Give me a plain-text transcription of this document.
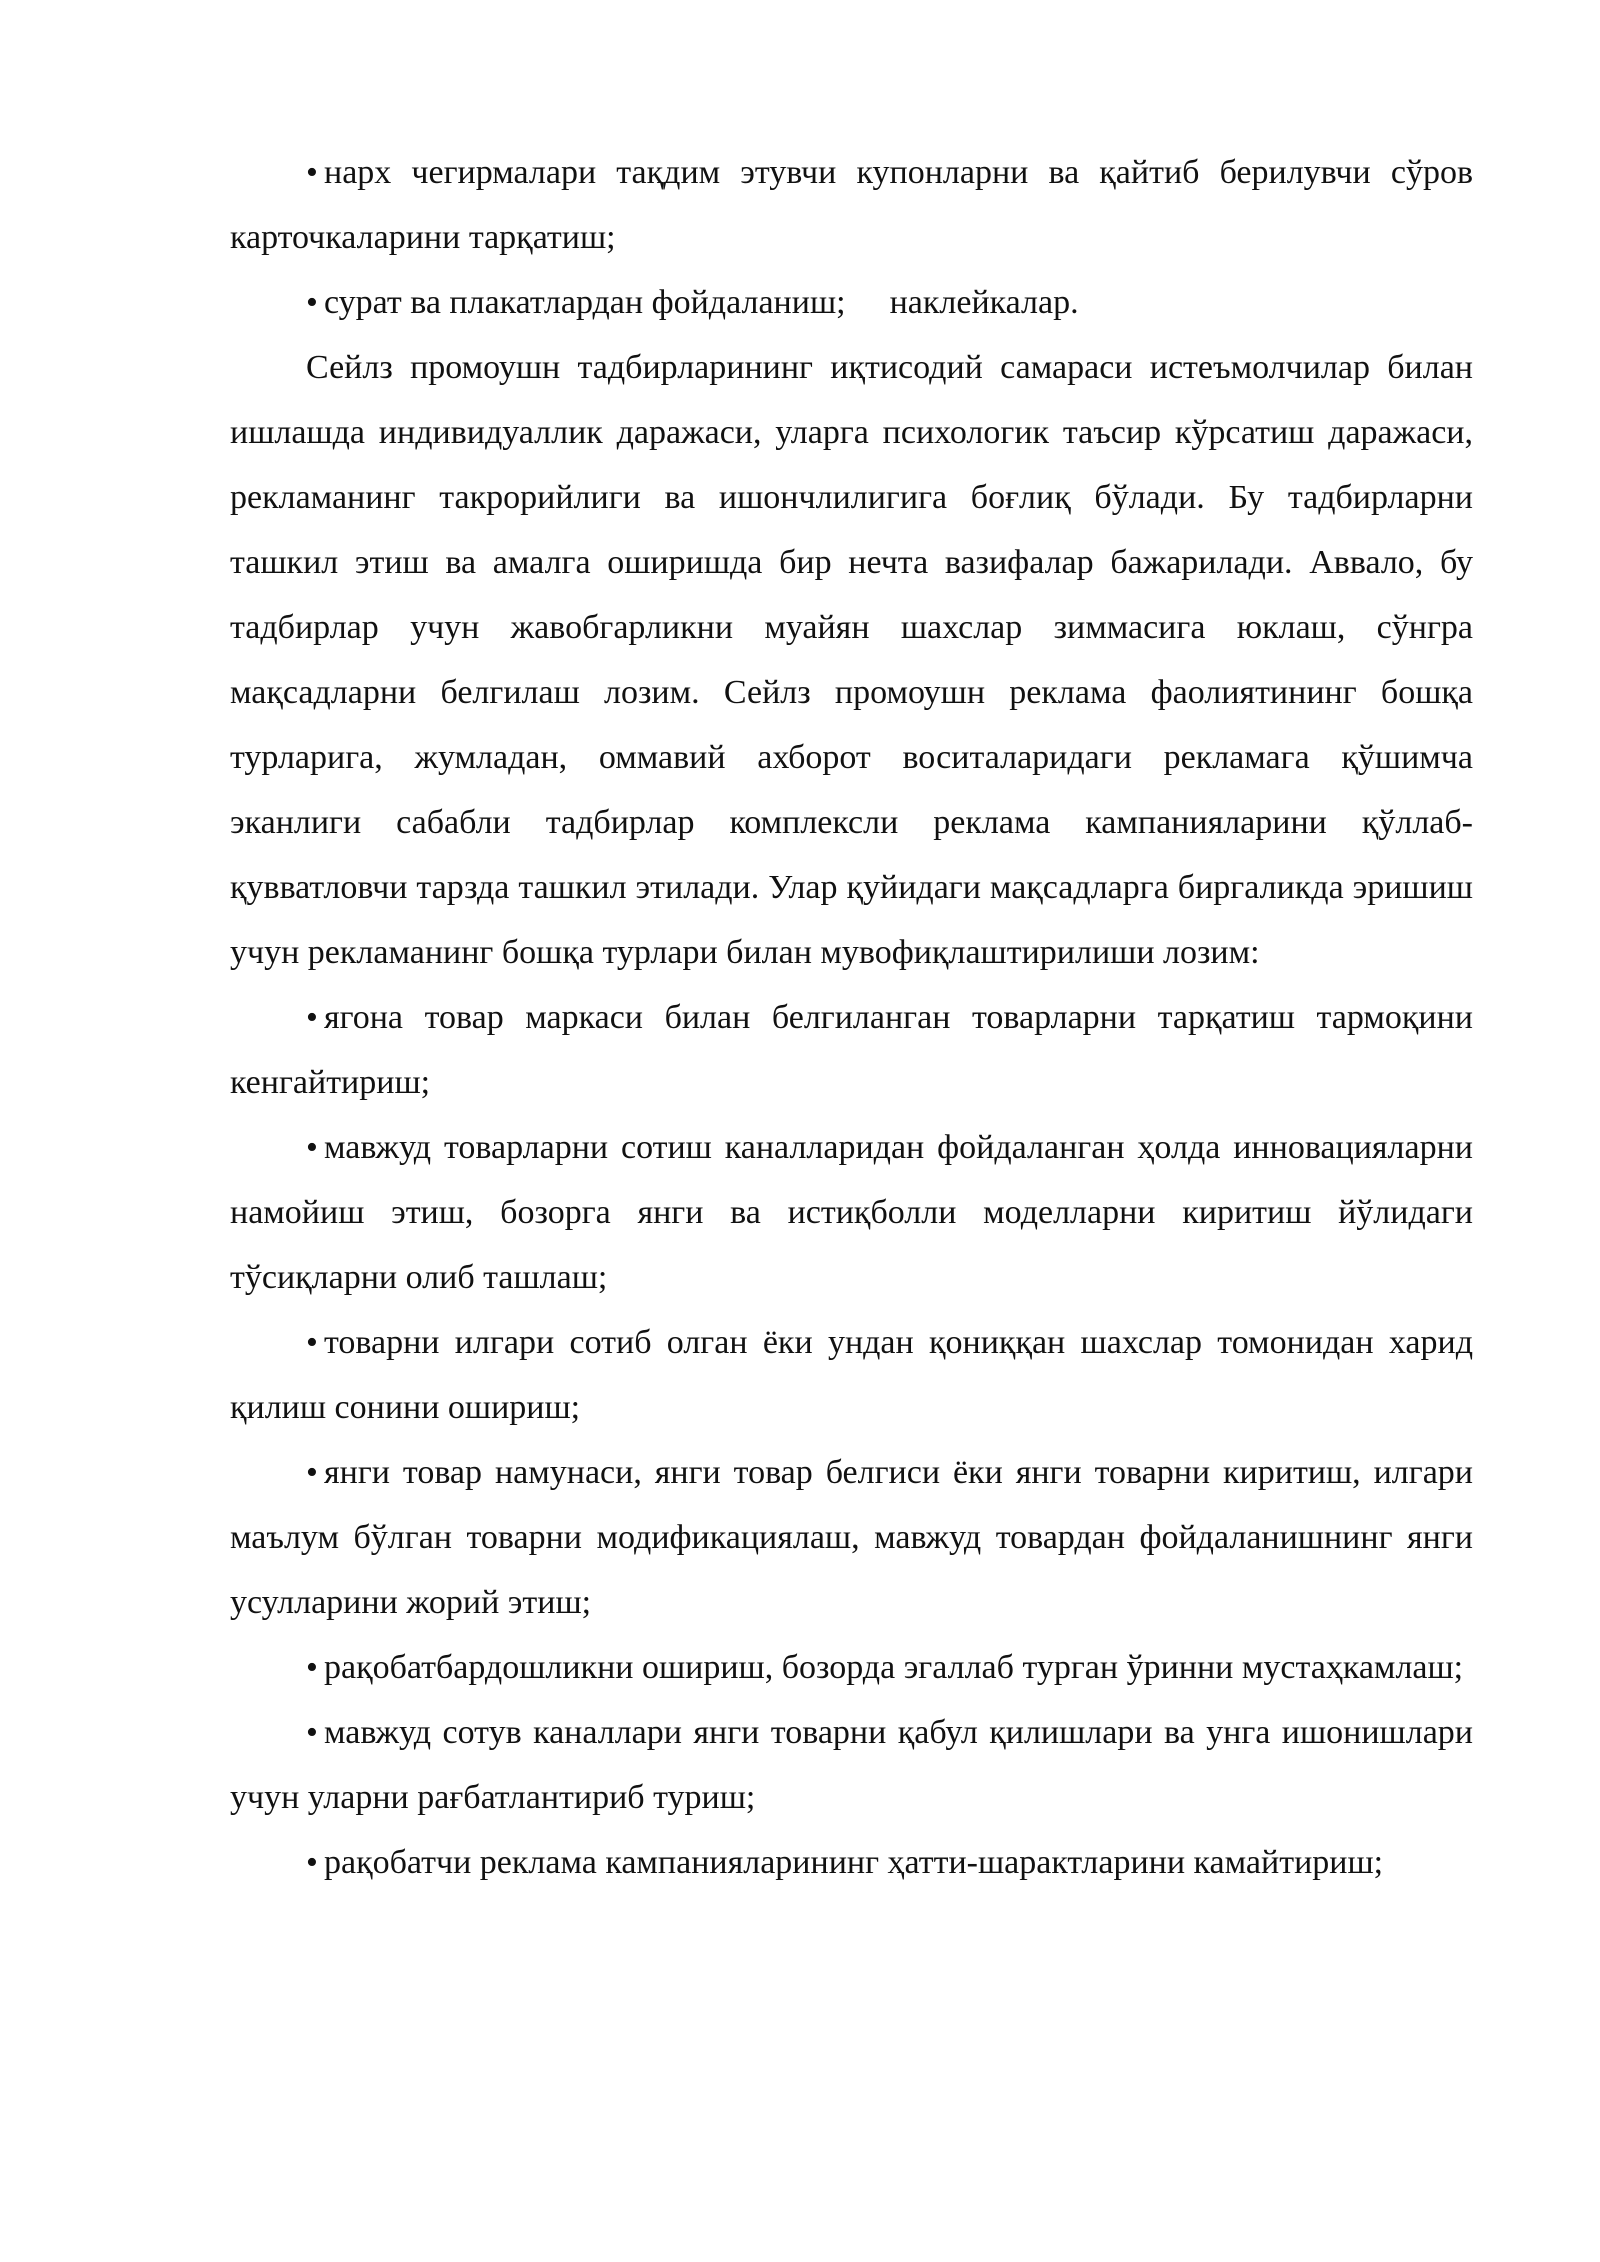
• нарх чегирмалари тақдим этувчи купонларни ва қайтиб берилувчи сўров карточкаларини тарқатиш;

• сурат ва плакатлардан фойдаланиш; наклейкалар.

Сейлз промоушн тадбирларининг иқтисодий самараси истеъмолчилар билан ишлашда индивидуаллик даражаси, уларга психологик таъсир кўрсатиш даражаси, рекламанинг такрорийлиги ва ишончлилигига боғлиқ бўлади. Бу тадбирларни ташкил этиш ва амалга оширишда бир нечта вазифалар бажарилади. Аввало, бу тадбирлар учун жавобгарликни муайян шахслар зиммасига юклаш, сўнгра мақсадларни белгилаш лозим. Сейлз промоушн реклама фаолиятининг бошқа турларига, жумладан, оммавий ахборот воситаларидаги рекламага қўшимча эканлиги сабабли тадбирлар комплексли реклама кампанияларини қўллаб-қувватловчи тарзда ташкил этилади. Улар қуйидаги мақсадларга биргаликда эришиш учун рекламанинг бошқа турлари билан мувофиқлаштирилиши лозим:

• ягона товар маркаси билан белгиланган товарларни тарқатиш тармоқини кенгайтириш;

• мавжуд товарларни сотиш каналларидан фойдаланган ҳолда инновацияларни намойиш этиш, бозорга янги ва истиқболли моделларни киритиш йўлидаги тўсиқларни олиб ташлаш;

• товарни илгари сотиб олган ёки ундан қониққан шахслар томонидан харид қилиш сонини ошириш;

• янги товар намунаси, янги товар белгиси ёки янги товарни киритиш, илгари маълум бўлган товарни модификациялаш, мавжуд товардан фойдаланишнинг янги усулларини жорий этиш;

• рақобатбардошликни ошириш, бозорда эгаллаб турган ўринни мустаҳкамлаш;

• мавжуд сотув каналлари янги товарни қабул қилишлари ва унга ишонишлари учун уларни рағбатлантириб туриш;

• рақобатчи реклама кампанияларининг ҳатти-шарактларини камайтириш;
